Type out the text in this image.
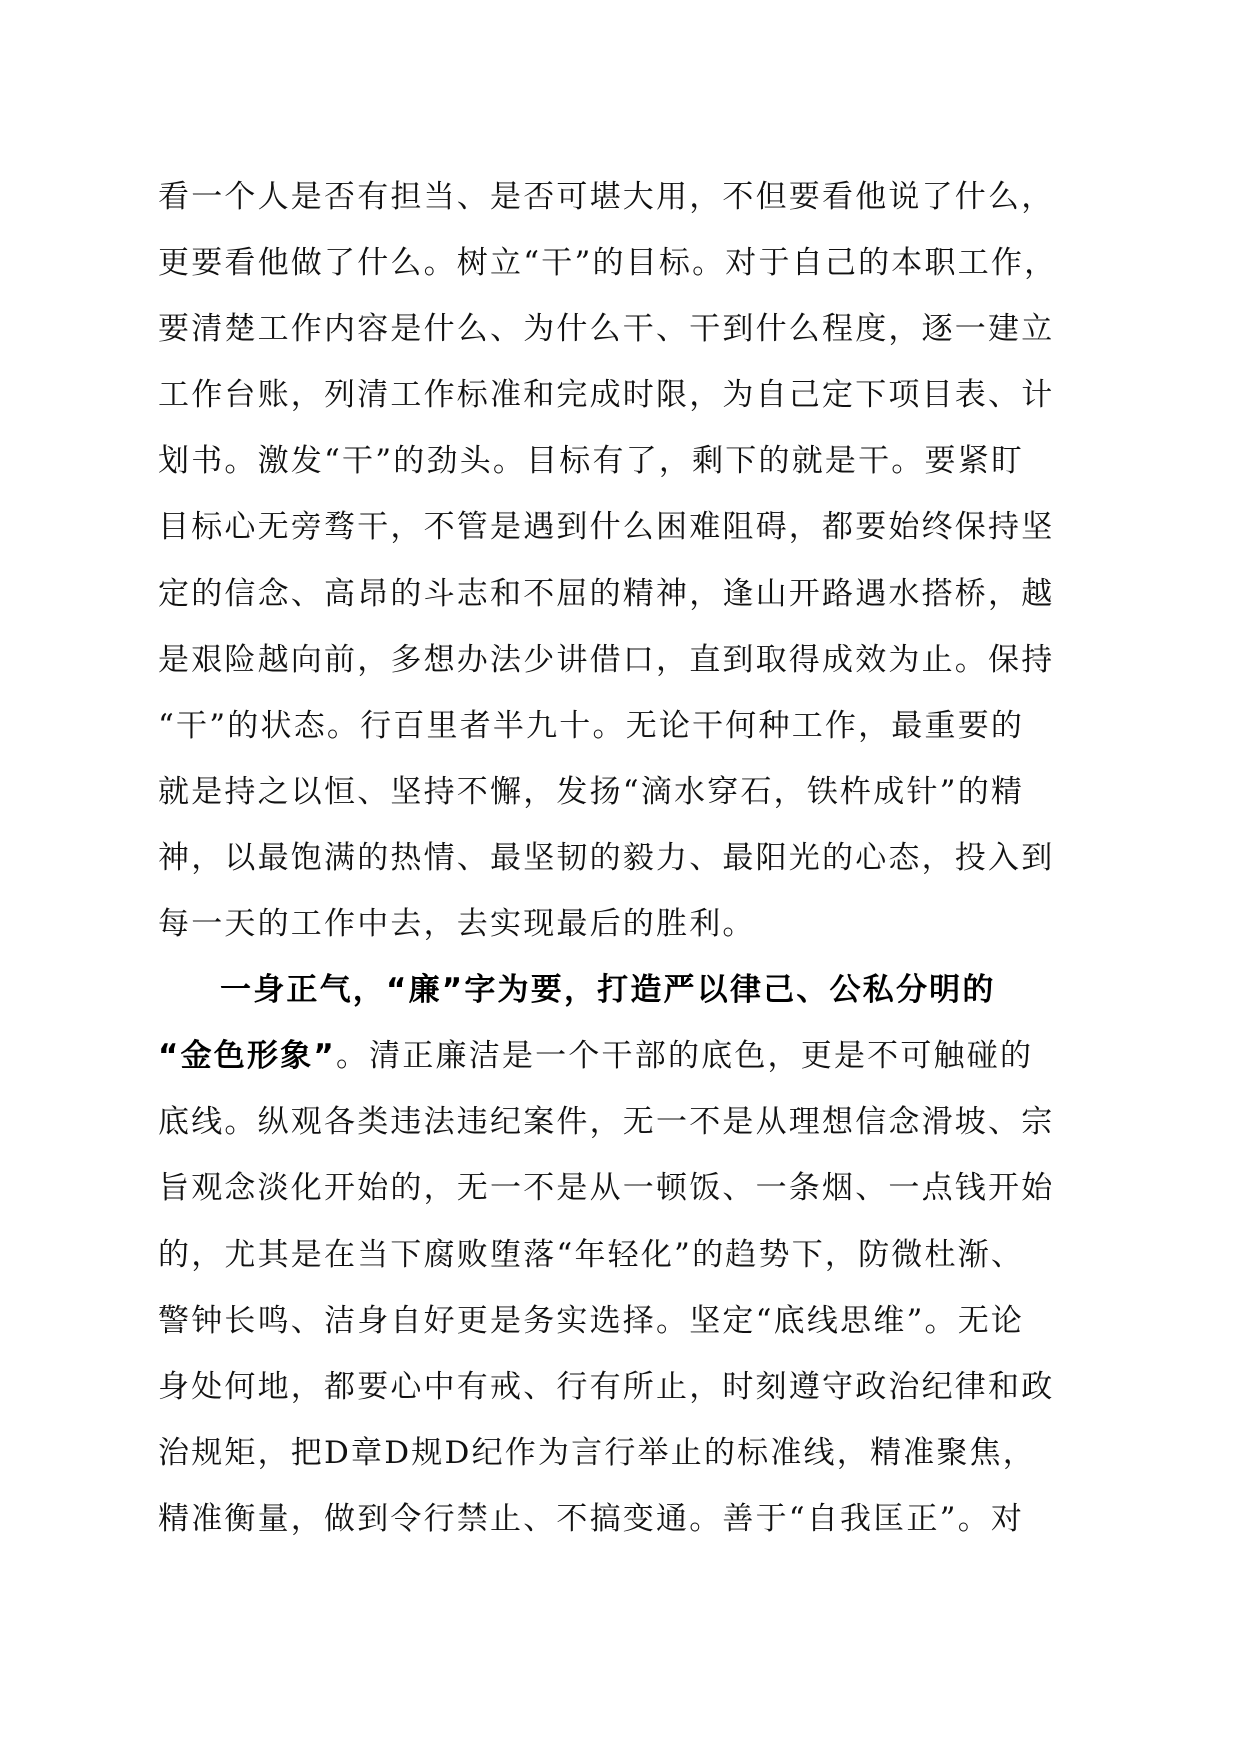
看一个人是否有担当、是否可堪大用，不但要看他说了什么，
更要看他做了什么。树立“干”的目标。对于自己的本职工作，
要清楚工作内容是什么、为什么干、干到什么程度，逐一建立
工作台账，列清工作标准和完成时限，为自己定下项目表、计
划书。激发“干”的劲头。目标有了，剩下的就是干。要紧盯
目标心无旁骛干，不管是遇到什么困难阻碍，都要始终保持坚
定的信念、高昂的斗志和不屈的精神，逢山开路遇水搭桥，越
是艰险越向前，多想办法少讲借口，直到取得成效为止。保持
“干”的状态。行百里者半九十。无论干何种工作，最重要的
就是持之以恒、坚持不懈，发扬“滴水穿石，铁杵成针”的精
神，以最饱满的热情、最坚韧的毅力、最阳光的心态，投入到
每一天的工作中去，去实现最后的胜利。
一身正气，“廉”字为要，打造严以律己、公私分明的
“金色形象”。清正廉洁是一个干部的底色，更是不可触碰的
底线。纵观各类违法违纪案件，无一不是从理想信念滑坡、宗
旨观念淡化开始的，无一不是从一顿饭、一条烟、一点钱开始
的，尤其是在当下腐败堕落“年轻化”的趋势下，防微杜渐、
警钟长鸣、洁身自好更是务实选择。坚定“底线思维”。无论
身处何地，都要心中有戒、行有所止，时刻遵守政治纪律和政
治规矩，把D章D规D纪作为言行举止的标准线，精准聚焦，
精准衡量，做到令行禁止、不搞变通。善于“自我匡正”。对
